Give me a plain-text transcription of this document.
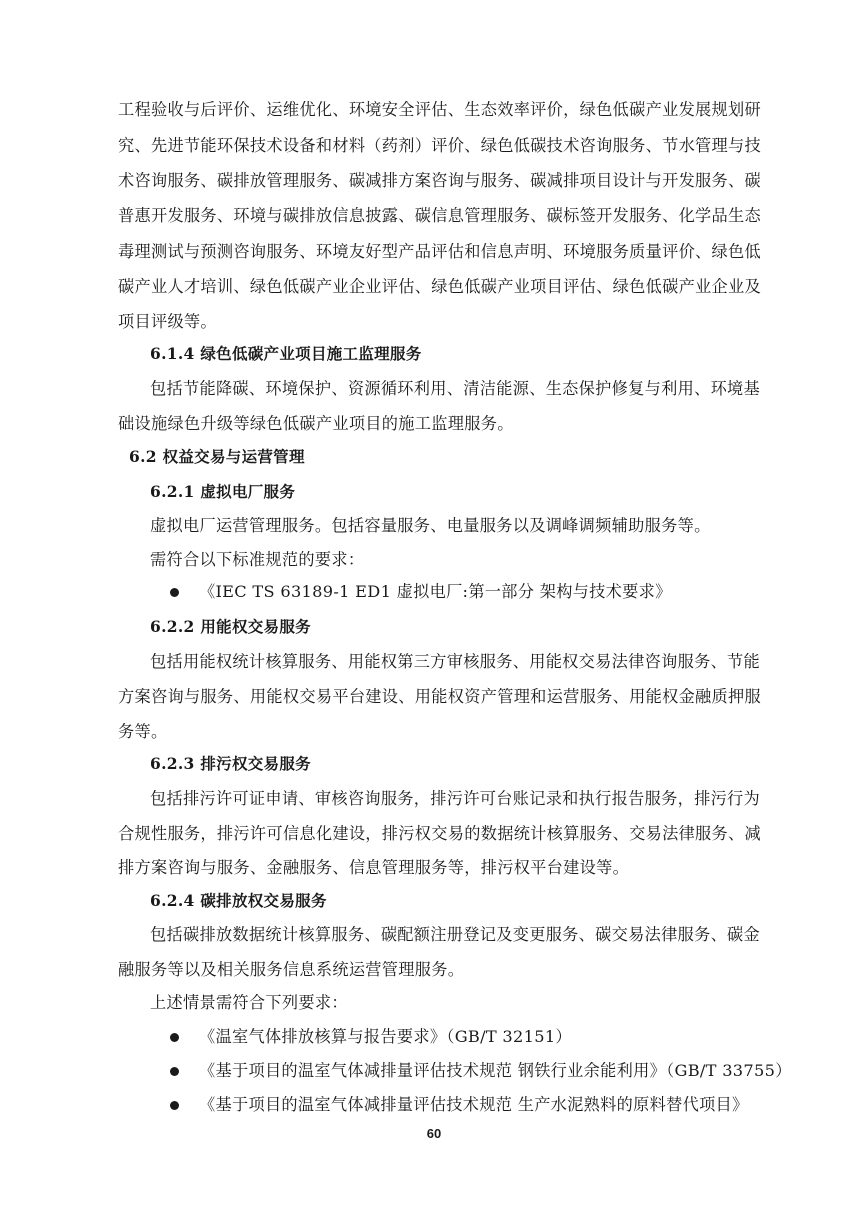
工程验收与后评价、运维优化、环境安全评估、生态效率评价，绿色低碳产业发展规划研
究、先进节能环保技术设备和材料（药剂）评价、绿色低碳技术咨询服务、节水管理与技
术咨询服务、碳排放管理服务、碳减排方案咨询与服务、碳减排项目设计与开发服务、碳
普惠开发服务、环境与碳排放信息披露、碳信息管理服务、碳标签开发服务、化学品生态
毒理测试与预测咨询服务、环境友好型产品评估和信息声明、环境服务质量评价、绿色低
碳产业人才培训、绿色低碳产业企业评估、绿色低碳产业项目评估、绿色低碳产业企业及
项目评级等。
6.1.4 绿色低碳产业项目施工监理服务
包括节能降碳、环境保护、资源循环利用、清洁能源、生态保护修复与利用、环境基
础设施绿色升级等绿色低碳产业项目的施工监理服务。
6.2 权益交易与运营管理
6.2.1 虚拟电厂服务
虚拟电厂运营管理服务。包括容量服务、电量服务以及调峰调频辅助服务等。
需符合以下标准规范的要求：
《IEC TS 63189-1 ED1 虚拟电厂:第一部分 架构与技术要求》
6.2.2 用能权交易服务
包括用能权统计核算服务、用能权第三方审核服务、用能权交易法律咨询服务、节能
方案咨询与服务、用能权交易平台建设、用能权资产管理和运营服务、用能权金融质押服
务等。
6.2.3 排污权交易服务
包括排污许可证申请、审核咨询服务，排污许可台账记录和执行报告服务，排污行为
合规性服务，排污许可信息化建设，排污权交易的数据统计核算服务、交易法律服务、减
排方案咨询与服务、金融服务、信息管理服务等，排污权平台建设等。
6.2.4 碳排放权交易服务
包括碳排放数据统计核算服务、碳配额注册登记及变更服务、碳交易法律服务、碳金
融服务等以及相关服务信息系统运营管理服务。
上述情景需符合下列要求：
《温室气体排放核算与报告要求》（GB/T 32151）
《基于项目的温室气体减排量评估技术规范 钢铁行业余能利用》（GB/T 33755）
《基于项目的温室气体减排量评估技术规范 生产水泥熟料的原料替代项目》
60
